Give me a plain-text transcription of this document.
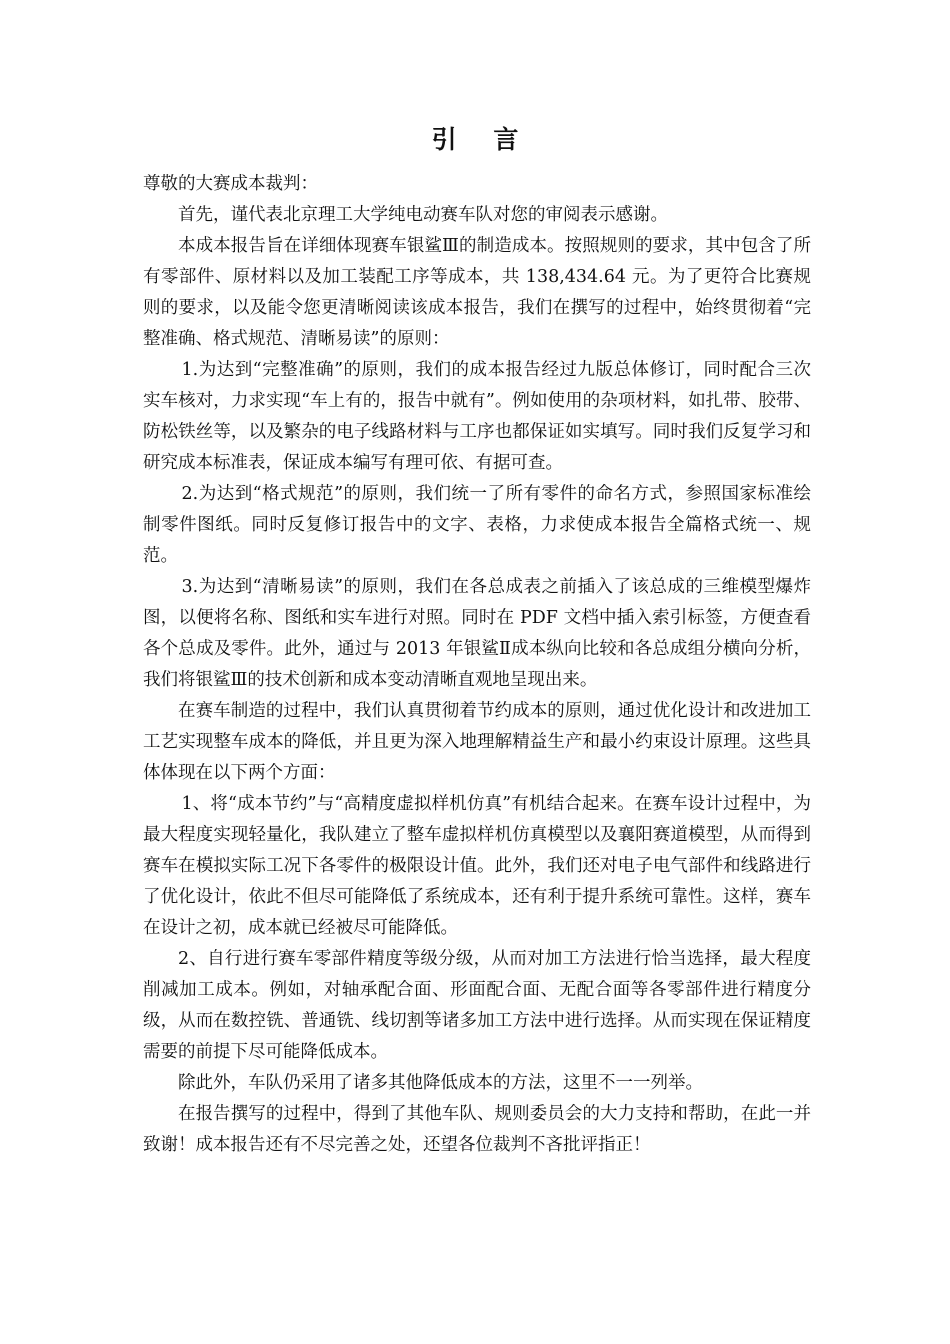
引 言

尊敬的大赛成本裁判：

首先，谨代表北京理工大学纯电动赛车队对您的审阅表示感谢。

本成本报告旨在详细体现赛车银鲨Ⅲ的制造成本。按照规则的要求，其中包含了所有零部件、原材料以及加工装配工序等成本，共 138,434.64 元。为了更符合比赛规则的要求，以及能令您更清晰阅读该成本报告，我们在撰写的过程中，始终贯彻着“完整准确、格式规范、清晰易读”的原则：

1.为达到“完整准确”的原则，我们的成本报告经过九版总体修订，同时配合三次实车核对，力求实现“车上有的，报告中就有”。例如使用的杂项材料，如扎带、胶带、防松铁丝等，以及繁杂的电子线路材料与工序也都保证如实填写。同时我们反复学习和研究成本标准表，保证成本编写有理可依、有据可查。

2.为达到“格式规范”的原则，我们统一了所有零件的命名方式，参照国家标准绘制零件图纸。同时反复修订报告中的文字、表格，力求使成本报告全篇格式统一、规范。

3.为达到“清晰易读”的原则，我们在各总成表之前插入了该总成的三维模型爆炸图，以便将名称、图纸和实车进行对照。同时在 PDF 文档中插入索引标签，方便查看各个总成及零件。此外，通过与 2013 年银鲨Ⅱ成本纵向比较和各总成组分横向分析，我们将银鲨Ⅲ的技术创新和成本变动清晰直观地呈现出来。

在赛车制造的过程中，我们认真贯彻着节约成本的原则，通过优化设计和改进加工工艺实现整车成本的降低，并且更为深入地理解精益生产和最小约束设计原理。这些具体体现在以下两个方面：

1、将“成本节约”与“高精度虚拟样机仿真”有机结合起来。在赛车设计过程中，为最大程度实现轻量化，我队建立了整车虚拟样机仿真模型以及襄阳赛道模型，从而得到赛车在模拟实际工况下各零件的极限设计值。此外，我们还对电子电气部件和线路进行了优化设计，依此不但尽可能降低了系统成本，还有利于提升系统可靠性。这样，赛车在设计之初，成本就已经被尽可能降低。

2、自行进行赛车零部件精度等级分级，从而对加工方法进行恰当选择，最大程度削减加工成本。例如，对轴承配合面、形面配合面、无配合面等各零部件进行精度分级，从而在数控铣、普通铣、线切割等诸多加工方法中进行选择。从而实现在保证精度需要的前提下尽可能降低成本。

除此外，车队仍采用了诸多其他降低成本的方法，这里不一一列举。

在报告撰写的过程中，得到了其他车队、规则委员会的大力支持和帮助，在此一并致谢！成本报告还有不尽完善之处，还望各位裁判不吝批评指正！
